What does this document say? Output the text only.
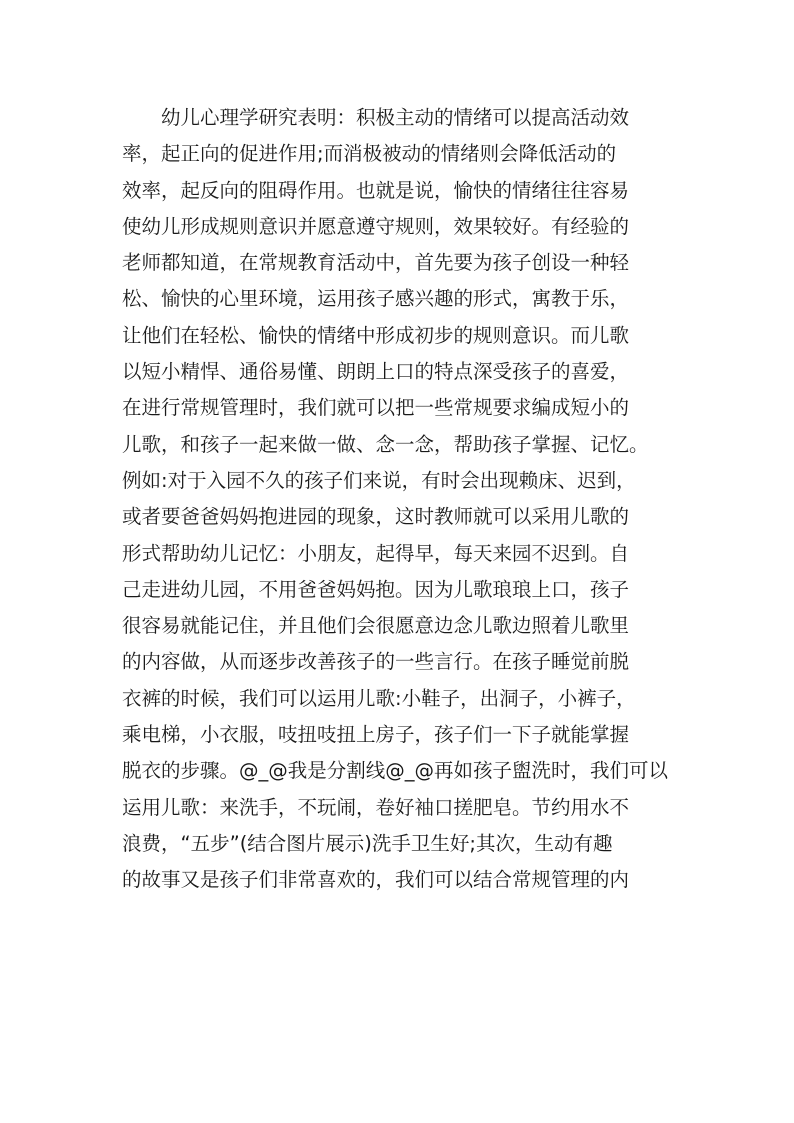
幼儿心理学研究表明：积极主动的情绪可以提高活动效
率，起正向的促进作用;而消极被动的情绪则会降低活动的
效率，起反向的阻碍作用。也就是说，愉快的情绪往往容易
使幼儿形成规则意识并愿意遵守规则，效果较好。有经验的
老师都知道，在常规教育活动中，首先要为孩子创设一种轻
松、愉快的心里环境，运用孩子感兴趣的形式，寓教于乐，
让他们在轻松、愉快的情绪中形成初步的规则意识。而儿歌
以短小精悍、通俗易懂、朗朗上口的特点深受孩子的喜爱，
在进行常规管理时，我们就可以把一些常规要求编成短小的
儿歌，和孩子一起来做一做、念一念，帮助孩子掌握、记忆。
例如:对于入园不久的孩子们来说，有时会出现赖床、迟到，
或者要爸爸妈妈抱进园的现象，这时教师就可以采用儿歌的
形式帮助幼儿记忆：小朋友，起得早，每天来园不迟到。自
己走进幼儿园，不用爸爸妈妈抱。因为儿歌琅琅上口，孩子
很容易就能记住，并且他们会很愿意边念儿歌边照着儿歌里
的内容做，从而逐步改善孩子的一些言行。在孩子睡觉前脱
衣裤的时候，我们可以运用儿歌:小鞋子，出洞子，小裤子，
乘电梯，小衣服，吱扭吱扭上房子，孩子们一下子就能掌握
脱衣的步骤。@_@我是分割线@_@再如孩子盥洗时，我们可以
运用儿歌：来洗手，不玩闹，卷好袖口搓肥皂。节约用水不
浪费，“五步”(结合图片展示)洗手卫生好;其次，生动有趣
的故事又是孩子们非常喜欢的，我们可以结合常规管理的内
